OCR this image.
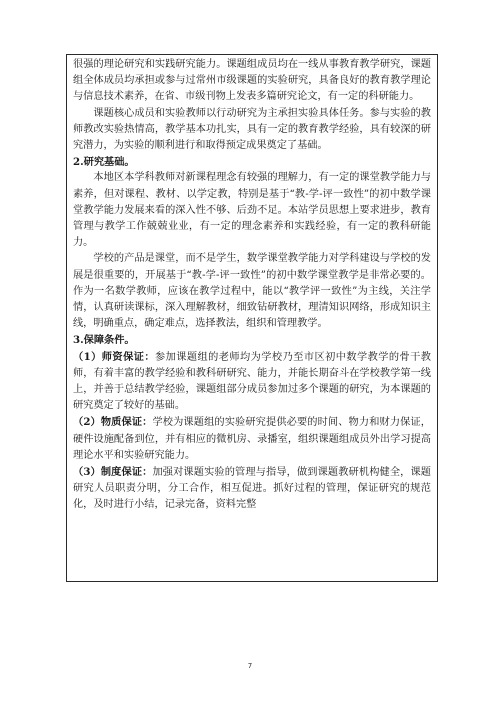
很强的理论研究和实践研究能力。课题组成员均在一线从事教育教学研究，课题组全体成员均承担或参与过常州市级课题的实验研究，具备良好的教育教学理论与信息技术素养，在省、市级刊物上发表多篇研究论文，有一定的科研能力。

课题核心成员和实验教师以行动研究为主承担实验具体任务。参与实验的教师教改实验热情高，教学基本功扎实，具有一定的教育教学经验，具有较深的研究潜力，为实验的顺利进行和取得预定成果奠定了基础。

2.研究基础。

本地区本学科教师对新课程理念有较强的理解力，有一定的课堂教学能力与素养，但对课程、教材、以学定教，特别是基于“教-学-评一致性”的初中数学课堂教学能力发展来看的深入性不够、后劲不足。本站学员思想上要求进步，教育管理与教学工作兢兢业业，有一定的理念素养和实践经验，有一定的教科研能力。

学校的产品是课堂，而不是学生，数学课堂教学能力对学科建设与学校的发展是很重要的，开展基于“教-学-评一致性”的初中数学课堂教学是非常必要的。作为一名数学教师，应该在教学过程中，能以“教学评一致性”为主线，关注学情，认真研读课标，深入理解教材，细致钻研教材，理清知识网络，形成知识主线，明确重点，确定难点，选择教法，组织和管理教学。

3.保障条件。

（1）师资保证：参加课题组的老师均为学校乃至市区初中数学教学的骨干教师，有着丰富的教学经验和教科研研究、能力，并能长期奋斗在学校教学第一线上，并善于总结教学经验，课题组部分成员参加过多个课题的研究，为本课题的研究奠定了较好的基础。

（2）物质保证：学校为课题组的实验研究提供必要的时间、物力和财力保证，硬件设施配备到位，并有相应的微机房、录播室，组织课题组成员外出学习提高理论水平和实验研究能力。

（3）制度保证：加强对课题实验的管理与指导，做到课题教研机构健全，课题研究人员职责分明，分工合作，相互促进。抓好过程的管理，保证研究的规范化，及时进行小结，记录完备，资料完整

7
